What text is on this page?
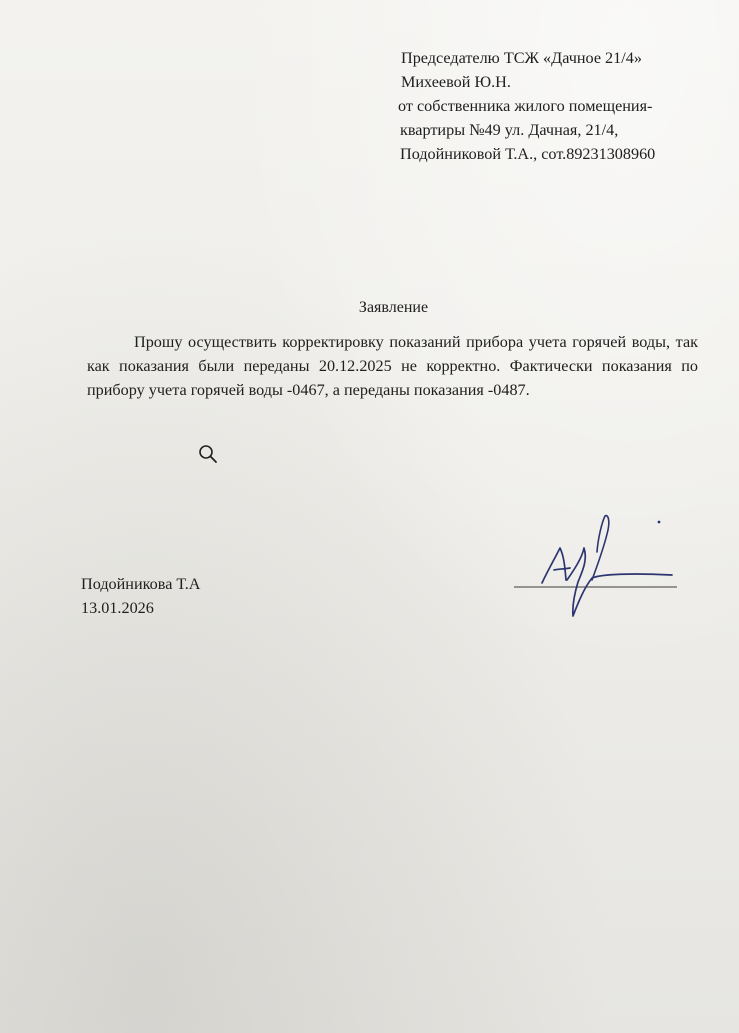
Председателю ТСЖ «Дачное 21/4»
Михеевой Ю.Н.
от собственника жилого помещения-
квартиры №49 ул. Дачная, 21/4,
Подойниковой Т.А., сот.89231308960
Заявление
Прошу осуществить корректировку показаний прибора учета горячей воды, так как показания были переданы 20.12.2025 не корректно. Фактически показания по прибору учета горячей воды -0467, а переданы показания -0487.
Подойникова Т.А
13.01.2026
